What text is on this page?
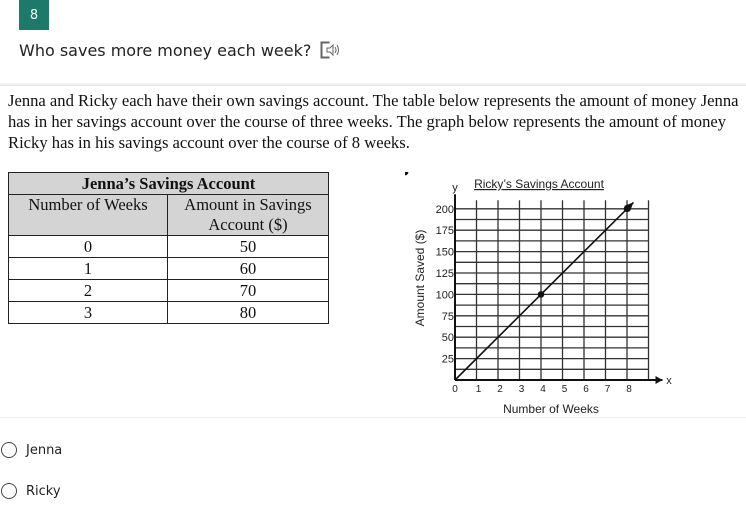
8
Who saves more money each week?

Jenna and Ricky each have their own savings account. The table below represents the amount of money Jenna has in her savings account over the course of three weeks. The graph below represents the amount of money Ricky has in his savings account over the course of 8 weeks.

Jenna’s Savings Account	
Number of Weeks	Amount in Savings Account ($)
0	50
1	60
2	70
3	80
Ricky’s Savings Account
y
x
Number of Weeks
Amount Saved ($)
0 1 2 3 4 5 6 7 8
25
50
75
100
125
150
175
200
Jenna
Ricky
